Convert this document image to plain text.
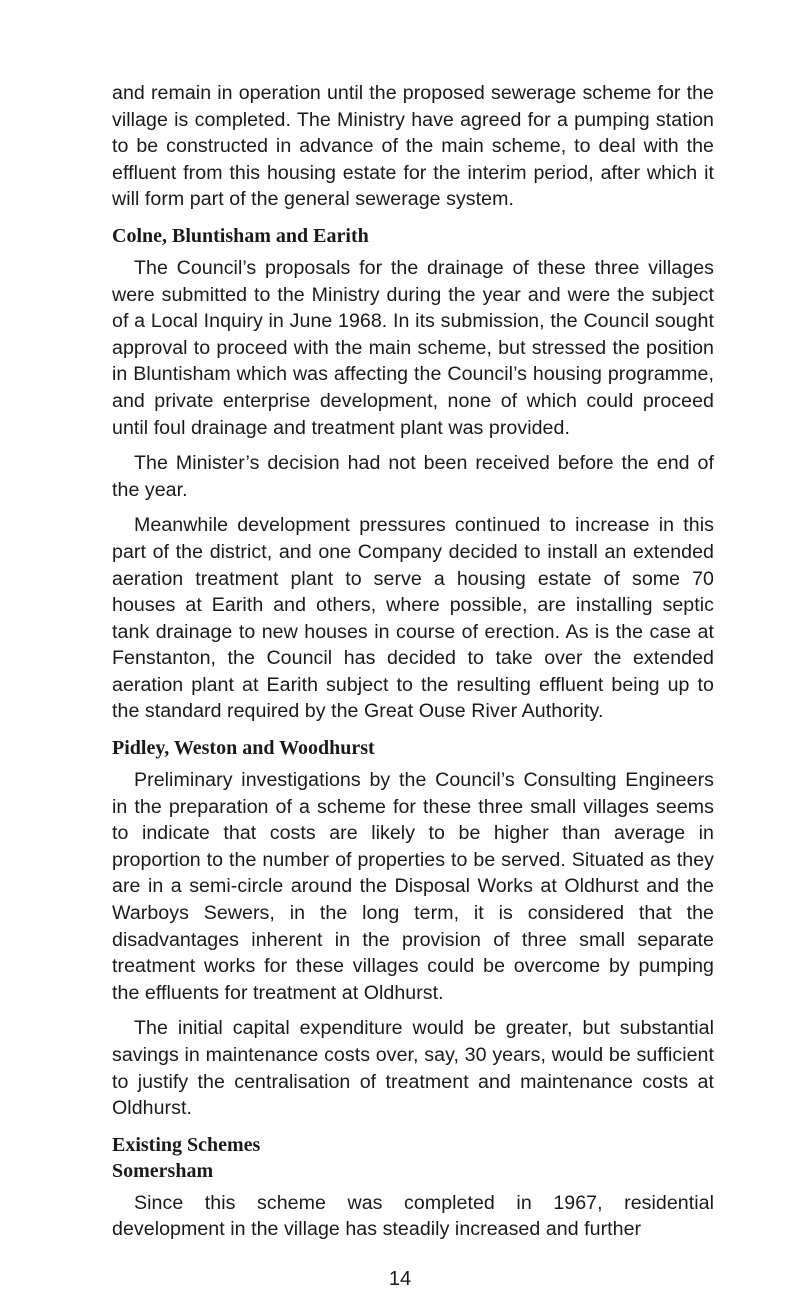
and remain in operation until the proposed sewerage scheme for the village is completed. The Ministry have agreed for a pumping station to be constructed in advance of the main scheme, to deal with the effluent from this housing estate for the interim period, after which it will form part of the general sewerage system.

Colne, Bluntisham and Earith

The Council’s proposals for the drainage of these three villages were submitted to the Ministry during the year and were the subject of a Local Inquiry in June 1968. In its submission, the Council sought approval to proceed with the main scheme, but stressed the position in Bluntisham which was affecting the Council’s housing programme, and private enterprise development, none of which could proceed until foul drainage and treatment plant was provided.

The Minister’s decision had not been received before the end of the year.

Meanwhile development pressures continued to increase in this part of the district, and one Company decided to install an extended aeration treatment plant to serve a housing estate of some 70 houses at Earith and others, where possible, are installing septic tank drainage to new houses in course of erection. As is the case at Fenstanton, the Council has decided to take over the extended aeration plant at Earith subject to the resulting effluent being up to the standard required by the Great Ouse River Authority.

Pidley, Weston and Woodhurst

Preliminary investigations by the Council’s Consulting Engineers in the preparation of a scheme for these three small villages seems to indicate that costs are likely to be higher than average in proportion to the number of properties to be served. Situated as they are in a semi-circle around the Disposal Works at Oldhurst and the Warboys Sewers, in the long term, it is considered that the disadvantages inherent in the provision of three small separate treatment works for these villages could be overcome by pumping the effluents for treatment at Oldhurst.

The initial capital expenditure would be greater, but substantial savings in maintenance costs over, say, 30 years, would be sufficient to justify the centralisation of treatment and maintenance costs at Oldhurst.

Existing Schemes
Somersham

Since this scheme was completed in 1967, residential development in the village has steadily increased and further

14
